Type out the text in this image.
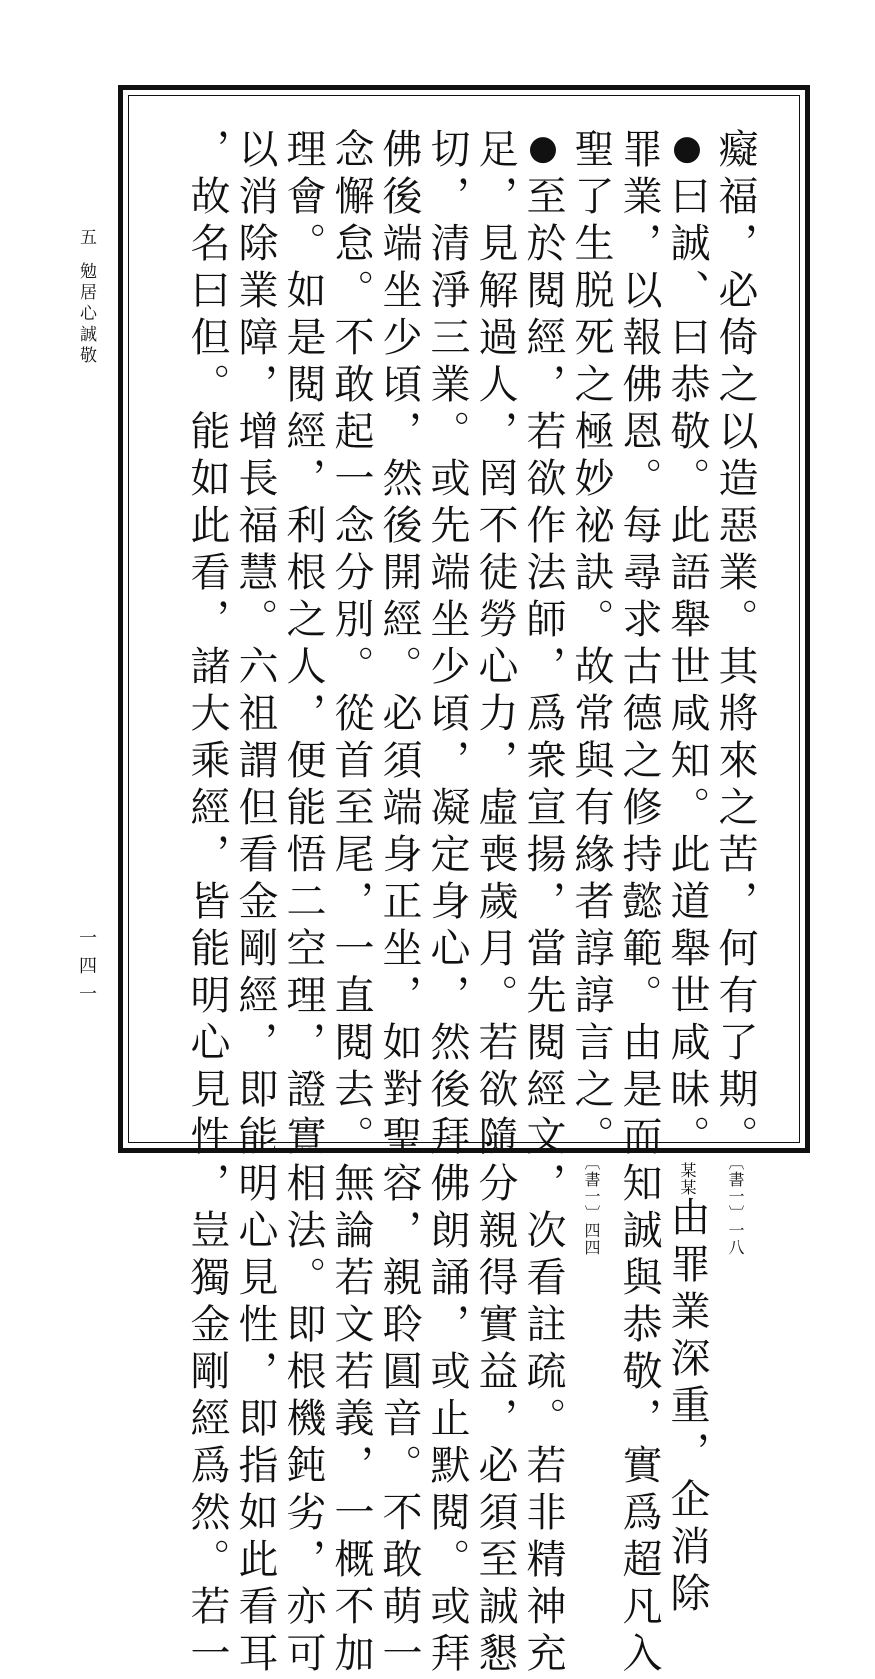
五
勉居心誠敬
一四一	癡福，必倚之以造惡業。其將來之苦，何有了期。〔書一〕一八
●曰誠、曰恭敬。此語舉世咸知。此道舉世咸昧。某某由罪業深重，企消除
罪業，以報佛恩。每尋求古德之修持懿範。由是而知誠與恭敬，實爲超凡入
聖了生脱死之極妙祕訣。故常與有緣者諄諄言之。〔書一〕四四
●至於閱經，若欲作法師，爲衆宣揚，當先閱經文，次看註疏。若非精神充
足，見解過人，罔不徒勞心力，虛喪歲月。若欲隨分親得實益，必須至誠懇
切，清淨三業。或先端坐少頃，凝定身心，然後拜佛朗誦，或止默閱。或拜
佛後端坐少頃，然後開經。必須端身正坐，如對聖容，親聆圓音。不敢萌一
念懈怠。不敢起一念分別。從首至尾，一直閱去。無論若文若義，一概不加
理會。如是閱經，利根之人，便能悟二空理，證實相法。即根機鈍劣，亦可
以消除業障，增長福慧。六祖謂但看金剛經，即能明心見性，即指如此看耳
，故名曰但。能如此看，諸大乘經，皆能明心見性，豈獨金剛經爲然。若一
